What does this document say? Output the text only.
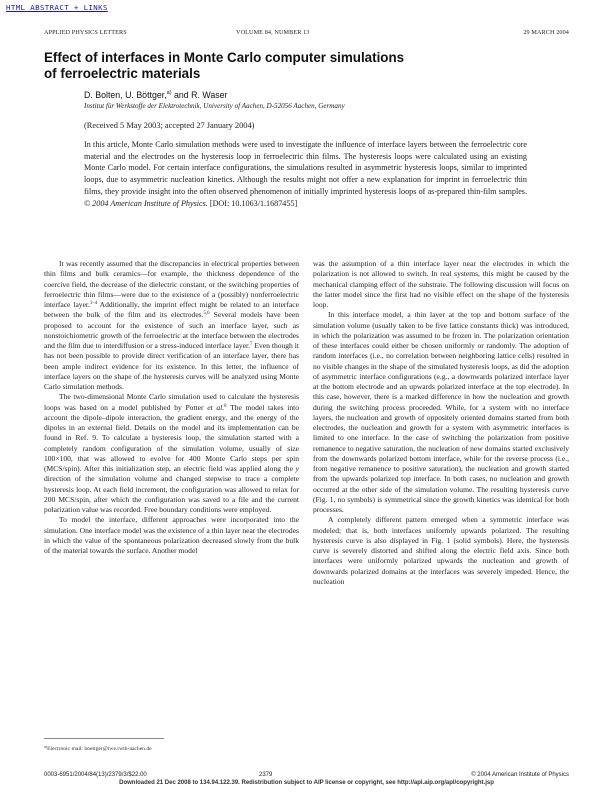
HTML ABSTRACT + LINKS
APPLIED PHYSICS LETTERS	VOLUME 84, NUMBER 13	29 MARCH 2004
Effect of interfaces in Monte Carlo computer simulations
of ferroelectric materials
D. Bolten, U. Böttger,$^{a)}$ and R. Waser
Institut für Werkstoffe der Elektrotechnik, University of Aachen, D-52056 Aachen, Germany
(Received 5 May 2003; accepted 27 January 2004)
In this article, Monte Carlo simulation methods were used to investigate the influence of interface layers between the ferroelectric core material and the electrodes on the hysteresis loop in ferroelectric thin films. The hysteresis loops were calculated using an existing Monte Carlo model. For certain interface configurations, the simulations resulted in asymmetric hysteresis loops, similar to imprinted loops, due to asymmetric nucleation kinetics. Although the results might not offer a new explanation for imprint in ferroelectric thin films, they provide insight into the often observed phenomenon of initially imprinted hysteresis loops of as-prepared thin-film samples. © 2004 American Institute of Physics. [DOI: 10.1063/1.1687455]

It was recently assumed that the discrepancies in electrical properties between thin films and bulk ceramics—for example, the thickness dependence of the coercive field, the decrease of the dielectric constant, or the switching properties of ferroelectric thin films—were due to the existence of a (possibly) nonferroelectric interface layer.$^{1-4}$ Additionally, the imprint effect might be related to an interface between the bulk of the film and its electrodes.$^{5,6}$ Several models have been proposed to account for the existence of such an interface layer, such as nonstoichiometric growth of the ferroelectric at the interface between the electrodes and the film due to interdiffusion or a stress-induced interface layer.$^7$ Even though it has not been possible to provide direct verification of an interface layer, there has been ample indirect evidence for its existence. In this letter, the influence of interface layers on the shape of the hysteresis curves will be analyzed using Monte Carlo simulation methods.

The two-dimensional Monte Carlo simulation used to calculate the hysteresis loops was based on a model published by Potter et al.$^8$ The model takes into account the dipole–dipole interaction, the gradient energy, and the energy of the dipoles in an external field. Details on the model and its implementation can be found in Ref. 9. To calculate a hysteresis loop, the simulation started with a completely random configuration of the simulation volume, usually of size 100×100, that was allowed to evolve for 400 Monte Carlo steps per spin (MCS/spin). After this initialization step, an electric field was applied along the y direction of the simulation volume and changed stepwise to trace a complete hysteresis loop. At each field increment, the configuration was allowed to relax for 200 MCS/spin, after which the configuration was saved to a file and the current polarization value was recorded. Free boundary conditions were employed.

To model the interface, different approaches were incorporated into the simulation. One interface model was the existence of a thin layer near the electrodes in which the value of the spontaneous polarization decreased slowly from the bulk of the material towards the surface. Another model

was the assumption of a thin interface layer near the electrodes in which the polarization is not allowed to switch. In real systems, this might be caused by the mechanical clamping effect of the substrate. The following discussion will focus on the latter model since the first had no visible effect on the shape of the hysteresis loop.

In this interface model, a thin layer at the top and bottom surface of the simulation volume (usually taken to be five lattice constants thick) was introduced, in which the polarization was assumed to be frozen in. The polarization orientation of these interfaces could either be chosen uniformly or randomly. The adoption of random interfaces (i.e., no correlation between neighboring lattice cells) resulted in no visible changes in the shape of the simulated hysteresis loops, as did the adoption of asymmetric interface configurations (e.g., a downwards polarized interface layer at the bottom electrode and an upwards polarized interface at the top electrode). In this case, however, there is a marked difference in how the nucleation and growth during the switching process proceeded. While, for a system with no interface layers, the nucleation and growth of oppositely oriented domains started from both electrodes, the nucleation and growth for a system with asymmetric interfaces is limited to one interface. In the case of switching the polarization from positive remanence to negative saturation, the nucleation of new domains started exclusively from the downwards polarized bottom interface, while for the reverse process (i.e., from negative remanence to positive saturation), the nucleation and growth started from the upwards polarized top interface. In both cases, no nucleation and growth occurred at the other side of the simulation volume. The resulting hysteresis curve (Fig. 1, no symbols) is symmetrical since the growth kinetics was identical for both processes.

A completely different pattern emerged when a symmetric interface was modeled; that is, both interfaces uniformly upwards polarized. The resulting hysteresis curve is also displayed in Fig. 1 (solid symbols). Here, the hysteresis curve is severely distorted and shifted along the electric field axis. Since both interfaces were uniformly polarized upwards the nucleation and growth of downwards polarized domains at the interfaces was severely impeded. Hence, the nucleation

$^{a)}$Electronic mail: boettger@iwe.rwth-aachen.de
0003-6951/2004/84(13)/2379/3/$22.00	2379	© 2004 American Institute of Physics
Downloaded 21 Dec 2008 to 134.94.122.39. Redistribution subject to AIP license or copyright, see http://apl.aip.org/apl/copyright.jsp
